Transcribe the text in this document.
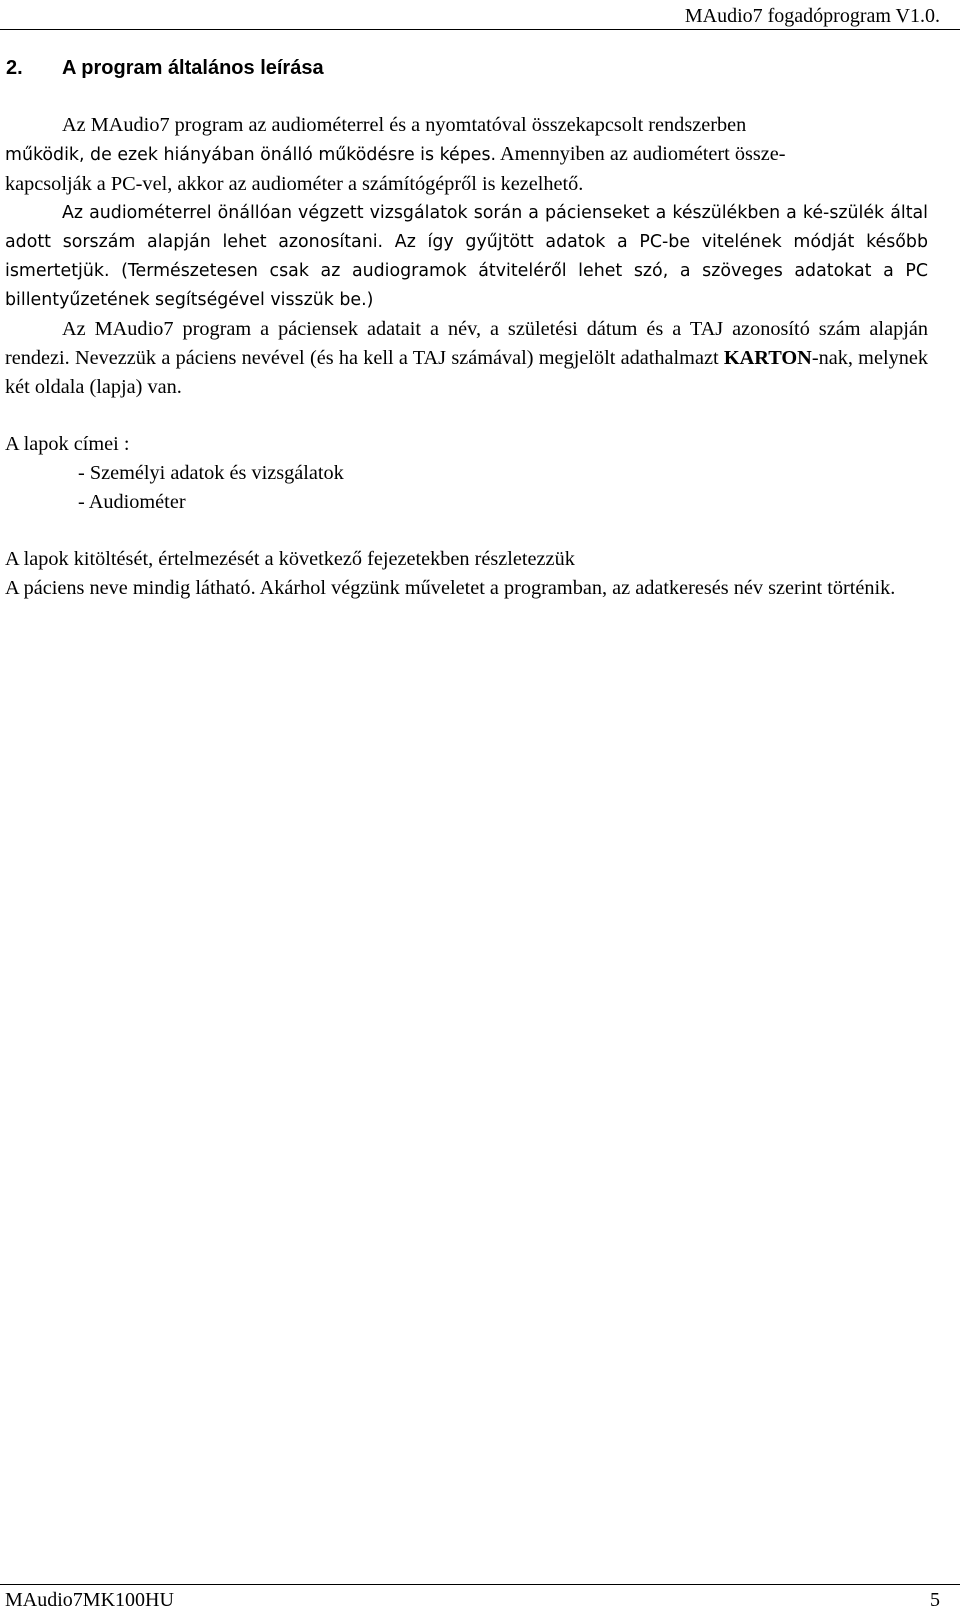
MAudio7 fogadóprogram V1.0.
2. A program általános leírása

Az MAudio7 program az audiométerrel és a nyomtatóval összekapcsolt rendszerben
működik, de ezek hiányában önálló működésre is képes. Amennyiben az audiométert össze-
kapcsolják a PC-vel, akkor az audiométer a számítógépről is kezelhető.

Az audiométerrel önállóan végzett vizsgálatok során a pácienseket a készülékben a ké-szülék által adott sorszám alapján lehet azonosítani. Az így gyűjtött adatok a PC-be vitelének módját később ismertetjük. (Természetesen csak az audiogramok átviteléről lehet szó, a szöveges adatokat a PC billentyűzetének segítségével visszük be.)

Az MAudio7 program a páciensek adatait a név, a születési dátum és a TAJ azonosító szám alapján rendezi. Nevezzük a páciens nevével (és ha kell a TAJ számával) megjelölt adathalmazt KARTON-nak, melynek két oldala (lapja) van.

A lapok címei :
- Személyi adatok és vizsgálatok
- Audiométer
A lapok kitöltését, értelmezését a következő fejezetekben részletezzük
A páciens neve mindig látható. Akárhol végzünk műveletet a programban, az adatkeresés név szerint történik.
MAudio7MK100HU	5
